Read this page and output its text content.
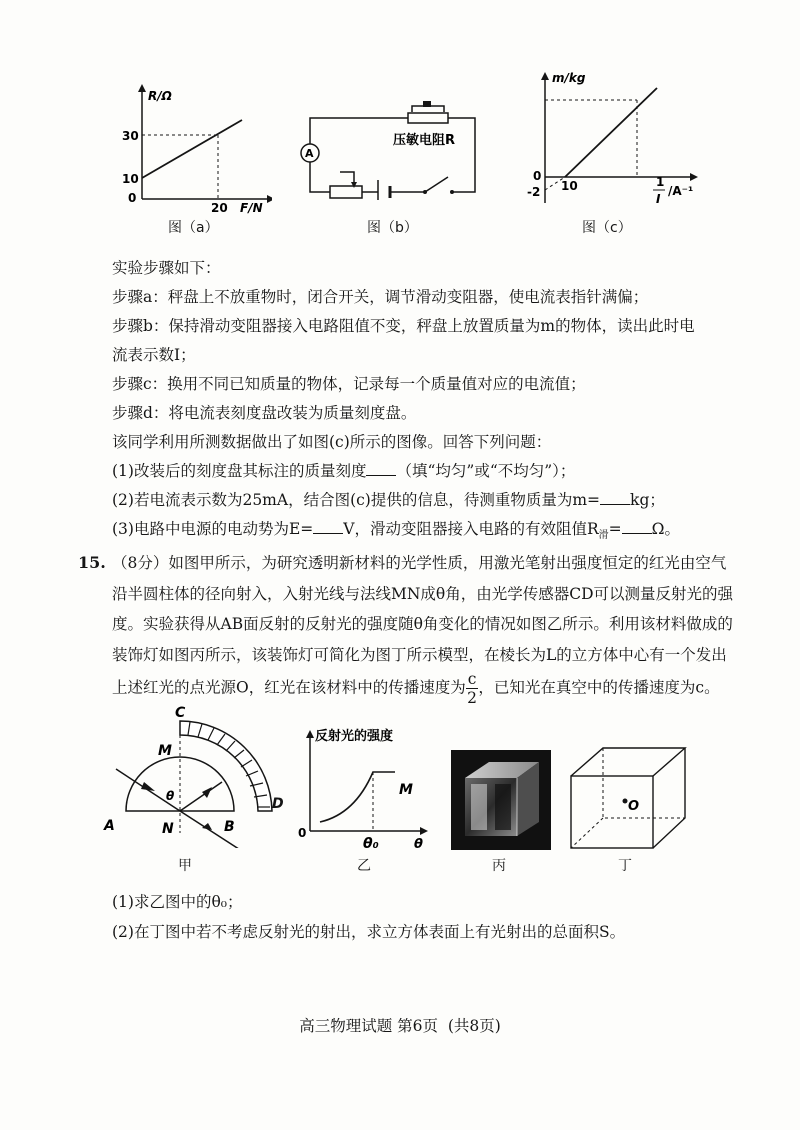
R/Ω
30
10
0
20 F/N
图（a）
A
压敏电阻R
图（b）
m/kg
0
-2 10	1
I
/A⁻¹
图（c）
实验步骤如下：
步骤a：秤盘上不放重物时，闭合开关，调节滑动变阻器，使电流表指针满偏；
步骤b：保持滑动变阻器接入电路阻值不变，秤盘上放置质量为m的物体，读出此时电
流表示数I；
步骤c：换用不同已知质量的物体，记录每一个质量值对应的电流值；
步骤d：将电流表刻度盘改装为质量刻度盘。
该同学利用所测数据做出了如图(c)所示的图像。回答下列问题：
(1)改装后的刻度盘其标注的质量刻度 （填“均匀”或“不均匀”）；
(2)若电流表示数为25mA，结合图(c)提供的信息，待测重物质量为m= kg；
(3)电路中电源的电动势为E= V，滑动变阻器接入电路的有效阻值$R_滑= \Omega$。
15. （8分）如图甲所示，为研究透明新材料的光学性质，用激光笔射出强度恒定的红光由空气沿半圆柱体的径向射入，入射光线与法线MN成θ角，由光学传感器CD可以测量反射光的强度。实验获得从AB面反射的反射光的强度随θ角变化的情况如图乙所示。利用该材料做成的装饰灯如图丙所示，该装饰灯可简化为图丁所示模型，在棱长为L的立方体中心有一个发出上述红光的点光源O，红光在该材料中的传播速度为 $\frac{c}{2}$ ，已知光在真空中的传播速度为c。
C
M
θ
N
A	B
D
甲
反射光的强度
M
0
θ₀	θ
乙	丙
O
丁
(1)求乙图中的θ₀；
(2)在丁图中若不考虑反射光的射出，求立方体表面上有光射出的总面积S。
高三物理试题 第6页  (共8页)
